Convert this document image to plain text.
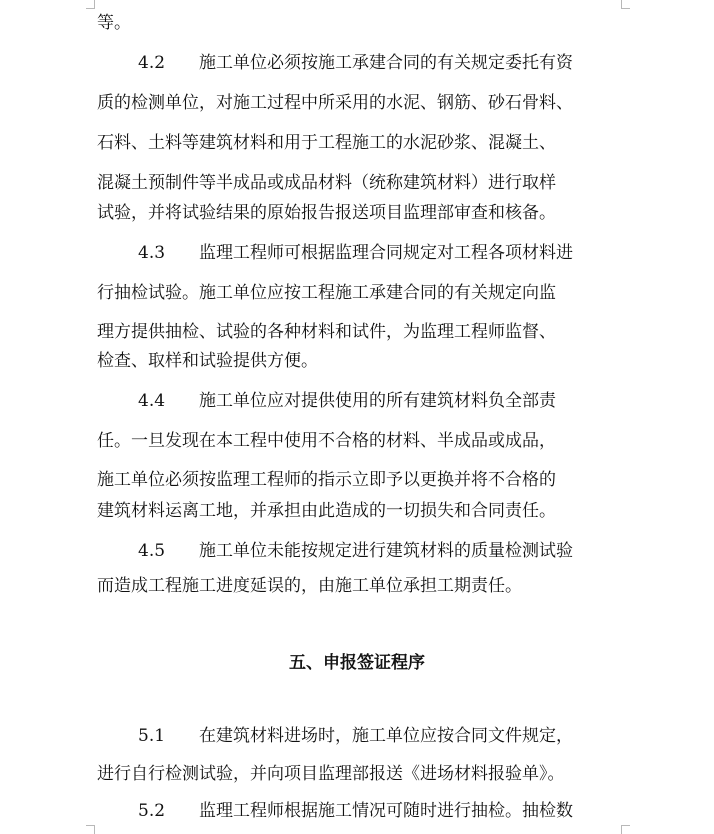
等。
4.2　　施工单位必须按施工承建合同的有关规定委托有资
质的检测单位，对施工过程中所采用的水泥、钢筋、砂石骨料、
石料、土料等建筑材料和用于工程施工的水泥砂浆、混凝土、
混凝土预制件等半成品或成品材料（统称建筑材料）进行取样
试验，并将试验结果的原始报告报送项目监理部审查和核备。
4.3　　监理工程师可根据监理合同规定对工程各项材料进
行抽检试验。施工单位应按工程施工承建合同的有关规定向监
理方提供抽检、试验的各种材料和试件，为监理工程师监督、
检查、取样和试验提供方便。
4.4　　施工单位应对提供使用的所有建筑材料负全部责
任。一旦发现在本工程中使用不合格的材料、半成品或成品，
施工单位必须按监理工程师的指示立即予以更换并将不合格的
建筑材料运离工地，并承担由此造成的一切损失和合同责任。
4.5　　施工单位未能按规定进行建筑材料的质量检测试验
而造成工程施工进度延误的，由施工单位承担工期责任。
五、申报签证程序
5.1　　在建筑材料进场时，施工单位应按合同文件规定，
进行自行检测试验，并向项目监理部报送《进场材料报验单》。
5.2　　监理工程师根据施工情况可随时进行抽检。抽检数
